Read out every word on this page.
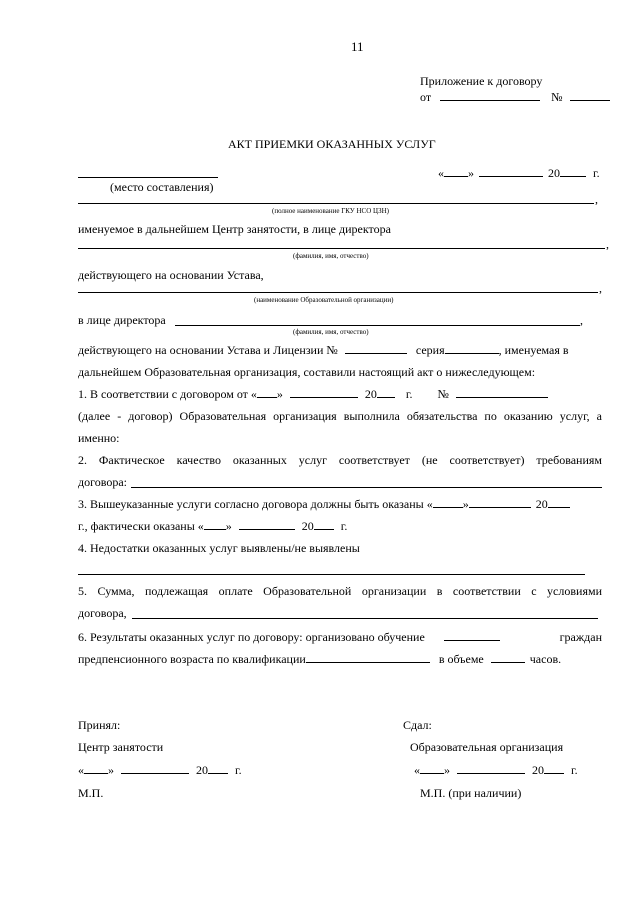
11
Приложение к договору
от	№
АКТ ПРИЕМКИ ОКАЗАННЫХ УСЛУГ
(место составления)
« »	20	г.
,
(полное наименование ГКУ НСО ЦЗН)
именуемое в дальнейшем Центр занятости, в лице директора
,
(фамилия, имя, отчество)
действующего на основании Устава,
,
(наименование Образовательной организации)
в лице директора	,
(фамилия, имя, отчество)
действующего на основании Устава и Лицензии №	серия	, именуемая в
дальнейшем Образовательная организация, составили настоящий акт о нижеследующем:
1. В соответствии с договором от « »	20 г. №
(далее - договор) Образовательная организация выполнила обязательства по оказанию услуг, а
именно:
2. Фактическое качество оказанных услуг соответствует (не соответствует) требованиям
договора:
3. Вышеуказанные услуги согласно договора должны быть оказаны «	»	20
г., фактически оказаны « »	20 г.
4. Недостатки оказанных услуг выявлены/не выявлены
5. Сумма, подлежащая оплате Образовательной организации в соответствии с условиями
договора,
6. Результаты оказанных услуг по договору: организовано обучение	граждан
предпенсионного возраста по квалификации	в объеме	часов.
Принял:
Центр занятости
« »	20 г.
М.П.
Сдал:
Образовательная организация
« »	20 г.
М.П. (при наличии)
